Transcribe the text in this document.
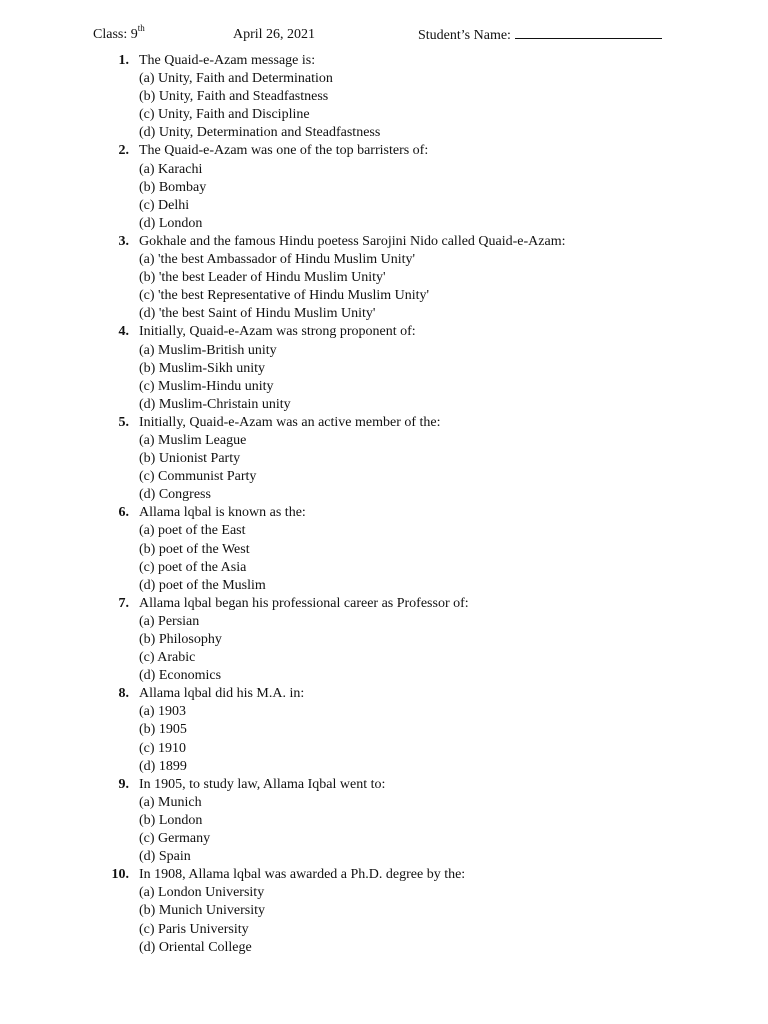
Class: 9th	April 26, 2021	Student’s Name:
1. The Quaid-e-Azam message is:
(a) Unity, Faith and Determination
(b) Unity, Faith and Steadfastness
(c) Unity, Faith and Discipline
(d) Unity, Determination and Steadfastness
2. The Quaid-e-Azam was one of the top barristers of:
(a) Karachi
(b) Bombay
(c) Delhi
(d) London
3. Gokhale and the famous Hindu poetess Sarojini Nido called Quaid-e-Azam:
(a) 'the best Ambassador of Hindu Muslim Unity'
(b) 'the best Leader of Hindu Muslim Unity'
(c) 'the best Representative of Hindu Muslim Unity'
(d) 'the best Saint of Hindu Muslim Unity'
4. Initially, Quaid-e-Azam was strong proponent of:
(a) Muslim-British unity
(b) Muslim-Sikh unity
(c) Muslim-Hindu unity
(d) Muslim-Christain unity
5. Initially, Quaid-e-Azam was an active member of the:
(a) Muslim League
(b) Unionist Party
(c) Communist Party
(d) Congress
6. Allama lqbal is known as the:
(a) poet of the East
(b) poet of the West
(c) poet of the Asia
(d) poet of the Muslim
7. Allama lqbal began his professional career as Professor of:
(a) Persian
(b) Philosophy
(c) Arabic
(d) Economics
8. Allama lqbal did his M.A. in:
(a) 1903
(b) 1905
(c) 1910
(d) 1899
9. In 1905, to study law, Allama Iqbal went to:
(a) Munich
(b) London
(c) Germany
(d) Spain
10. In 1908, Allama lqbal was awarded a Ph.D. degree by the:
(a) London University
(b) Munich University
(c) Paris University
(d) Oriental College
